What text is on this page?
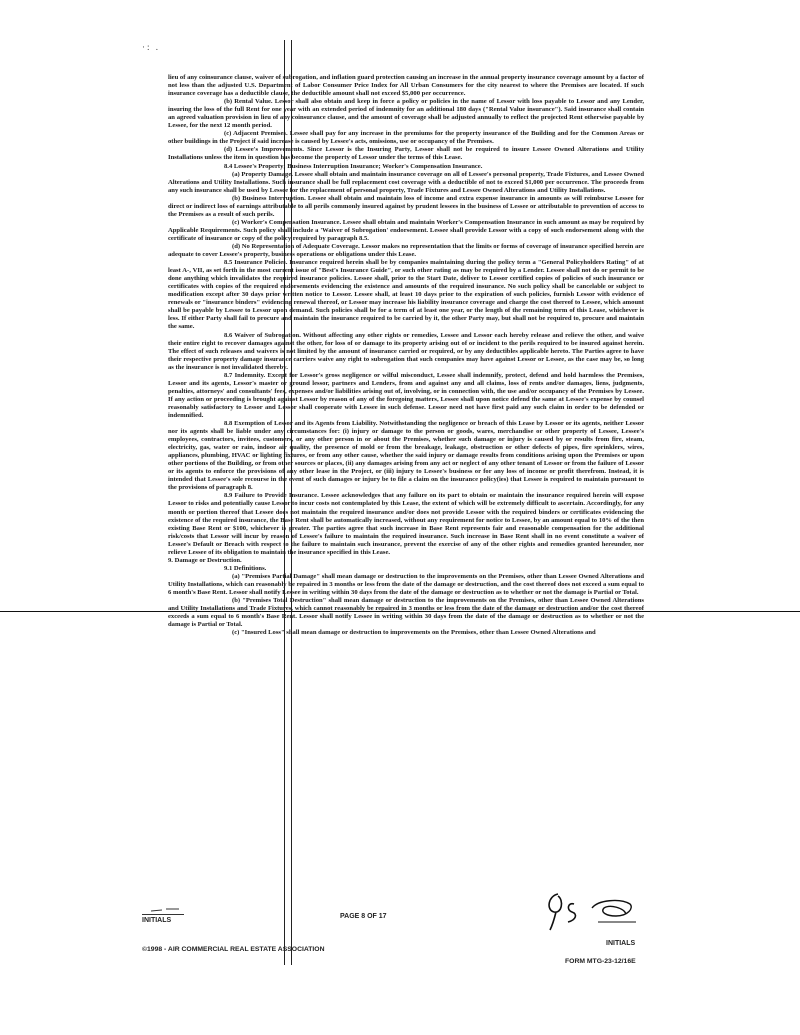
·: .

lieu of any coinsurance clause, waiver of subrogation, and inflation guard protection causing an increase in the annual property insurance coverage amount by a factor of not less than the adjusted U.S. Department of Labor Consumer Price Index for All Urban Consumers for the city nearest to where the Premises are located. If such insurance coverage has a deductible clause, the deductible amount shall not exceed $5,000 per occurrence.

(b) Rental Value. Lessor shall also obtain and keep in force a policy or policies in the name of Lessor with loss payable to Lessor and any Lender, insuring the loss of the full Rent for one year with an extended period of indemnity for an additional 180 days ("Rental Value insurance"). Said insurance shall contain an agreed valuation provision in lieu of any coinsurance clause, and the amount of coverage shall be adjusted annually to reflect the projected Rent otherwise payable by Lessee, for the next 12 month period.

(c) Adjacent Premises. Lessee shall pay for any increase in the premiums for the property insurance of the Building and for the Common Areas or other buildings in the Project if said increase is caused by Lessee's acts, omissions, use or occupancy of the Premises.

(d) Lessee's Improvements. Since Lessor is the Insuring Party, Lessor shall not be required to insure Lessee Owned Alterations and Utility Installations unless the item in question has become the property of Lessor under the terms of this Lease.

8.4 Lessee's Property; Business Interruption Insurance; Worker's Compensation Insurance.

(a) Property Damage. Lessee shall obtain and maintain insurance coverage on all of Lessee's personal property, Trade Fixtures, and Lessee Owned Alterations and Utility Installations. Such insurance shall be full replacement cost coverage with a deductible of not to exceed $1,000 per occurrence. The proceeds from any such insurance shall be used by Lessee for the replacement of personal property, Trade Fixtures and Lessee Owned Alterations and Utility Installations.

(b) Business Interruption. Lessee shall obtain and maintain loss of income and extra expense insurance in amounts as will reimburse Lessee for direct or indirect loss of earnings attributable to all perils commonly insured against by prudent lessees in the business of Lessee or attributable to prevention of access to the Premises as a result of such perils.

(c) Worker's Compensation Insurance. Lessee shall obtain and maintain Worker's Compensation Insurance in such amount as may be required by Applicable Requirements. Such policy shall include a 'Waiver of Subrogation' endorsement. Lessee shall provide Lessor with a copy of such endorsement along with the certificate of insurance or copy of the policy required by paragraph 8.5.

(d) No Representation of Adequate Coverage. Lessor makes no representation that the limits or forms of coverage of insurance specified herein are adequate to cover Lessee's property, business operations or obligations under this Lease.

8.5 Insurance Policies. Insurance required herein shall be by companies maintaining during the policy term a "General Policyholders Rating" of at least A-, VII, as set forth in the most current issue of "Best's Insurance Guide", or such other rating as may be required by a Lender. Lessee shall not do or permit to be done anything which invalidates the required insurance policies. Lessee shall, prior to the Start Date, deliver to Lessor certified copies of policies of such insurance or certificates with copies of the required endorsements evidencing the existence and amounts of the required insurance. No such policy shall be cancelable or subject to modification except after 30 days prior written notice to Lessor. Lessee shall, at least 10 days prior to the expiration of such policies, furnish Lessor with evidence of renewals or "insurance binders" evidencing renewal thereof, or Lessor may increase his liability insurance coverage and charge the cost thereof to Lessee, which amount shall be payable by Lessee to Lessor upon demand. Such policies shall be for a term of at least one year, or the length of the remaining term of this Lease, whichever is less. If either Party shall fail to procure and maintain the insurance required to be carried by it, the other Party may, but shall not be required to, procure and maintain the same.

8.6 Waiver of Subrogation. Without affecting any other rights or remedies, Lessee and Lessor each hereby release and relieve the other, and waive their entire right to recover damages against the other, for loss of or damage to its property arising out of or incident to the perils required to be insured against herein. The effect of such releases and waivers is not limited by the amount of insurance carried or required, or by any deductibles applicable hereto. The Parties agree to have their respective property damage insurance carriers waive any right to subrogation that such companies may have against Lessor or Lessee, as the case may be, so long as the insurance is not invalidated thereby.

8.7 Indemnity. Except for Lessor's gross negligence or wilful misconduct, Lessee shall indemnify, protect, defend and hold harmless the Premises, Lessor and its agents, Lessor's master or ground lessor, partners and Lenders, from and against any and all claims, loss of rents and/or damages, liens, judgments, penalties, attorneys' and consultants' fees, expenses and/or liabilities arising out of, involving, or in connection with, the use and/or occupancy of the Premises by Lessee. If any action or proceeding is brought against Lessor by reason of any of the foregoing matters, Lessee shall upon notice defend the same at Lessee's expense by counsel reasonably satisfactory to Lessor and Lessor shall cooperate with Lessee in such defense. Lessor need not have first paid any such claim in order to be defended or indemnified.

8.8 Exemption of Lessor and its Agents from Liability. Notwithstanding the negligence or breach of this Lease by Lessor or its agents, neither Lessor nor its agents shall be liable under any circumstances for: (i) injury or damage to the person or goods, wares, merchandise or other property of Lessee, Lessee's employees, contractors, invitees, customers, or any other person in or about the Premises, whether such damage or injury is caused by or results from fire, steam, electricity, gas, water or rain, indoor air quality, the presence of mold or from the breakage, leakage, obstruction or other defects of pipes, fire sprinklers, wires, appliances, plumbing, HVAC or lighting fixtures, or from any other cause, whether the said injury or damage results from conditions arising upon the Premises or upon other portions of the Building, or from other sources or places, (ii) any damages arising from any act or neglect of any other tenant of Lessor or from the failure of Lessor or its agents to enforce the provisions of any other lease in the Project, or (iii) injury to Lessee's business or for any loss of income or profit therefrom. Instead, it is intended that Lessee's sole recourse in the event of such damages or injury be to file a claim on the insurance policy(ies) that Lessee is required to maintain pursuant to the provisions of paragraph 8.

8.9 Failure to Provide Insurance. Lessee acknowledges that any failure on its part to obtain or maintain the insurance required herein will expose Lessor to risks and potentially cause Lessor to incur costs not contemplated by this Lease, the extent of which will be extremely difficult to ascertain. Accordingly, for any month or portion thereof that Lessee does not maintain the required insurance and/or does not provide Lessor with the required binders or certificates evidencing the existence of the required insurance, the Base Rent shall be automatically increased, without any requirement for notice to Lessee, by an amount equal to 10% of the then existing Base Rent or $100, whichever is greater. The parties agree that such increase in Base Rent represents fair and reasonable compensation for the additional risk/costs that Lessor will incur by reason of Lessee's failure to maintain the required insurance. Such increase in Base Rent shall in no event constitute a waiver of Lessee's Default or Breach with respect to the failure to maintain such insurance, prevent the exercise of any of the other rights and remedies granted hereunder, nor relieve Lessee of its obligation to maintain the insurance specified in this Lease.

9. Damage or Destruction.

9.1 Definitions.

(a) "Premises Partial Damage" shall mean damage or destruction to the improvements on the Premises, other than Lessee Owned Alterations and Utility Installations, which can reasonably be repaired in 3 months or less from the date of the damage or destruction, and the cost thereof does not exceed a sum equal to 6 month's Base Rent. Lessor shall notify Lessee in writing within 30 days from the date of the damage or destruction as to whether or not the damage is Partial or Total.

(b) "Premises Total Destruction" shall mean damage or destruction to the improvements on the Premises, other than Lessee Owned Alterations and Utility Installations and Trade Fixtures, which cannot reasonably be repaired in 3 months or less from the date of the damage or destruction and/or the cost thereof exceeds a sum equal to 6 month's Base Rent. Lessor shall notify Lessee in writing within 30 days from the date of the damage or destruction as to whether or not the damage is Partial or Total.

(c) "Insured Loss" shall mean damage or destruction to improvements on the Premises, other than Lessee Owned Alterations and

INITIALS
PAGE 8 OF 17
©1998 - AIR COMMERCIAL REAL ESTATE ASSOCIATION
INITIALS
FORM MTG-23-12/16E
